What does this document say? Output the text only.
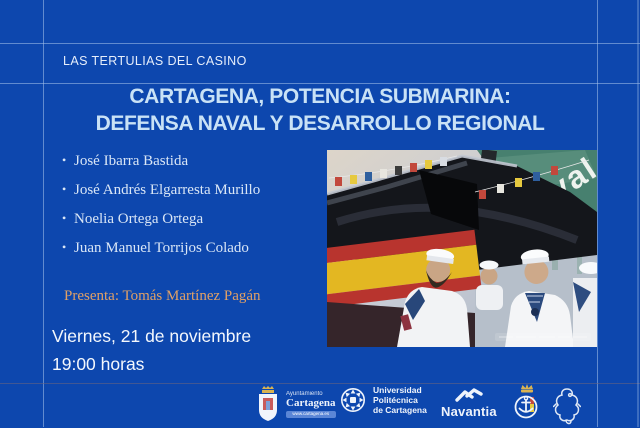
LAS TERTULIAS DEL CASINO
CARTAGENA, POTENCIA SUBMARINA:
DEFENSA NAVAL Y DESARROLLO REGIONAL
• José Ibarra Bastida
• José Andrés Elgarresta Murillo
• Noelia Ortega Ortega
• Juan Manuel Torrijos Colado
Presenta: Tomás Martínez Pagán
Viernes, 21 de noviembre
19:00 horas
Ayuntamiento
Cartagena
www.cartagena.es
Universidad
Politécnica
de Cartagena Navantia
